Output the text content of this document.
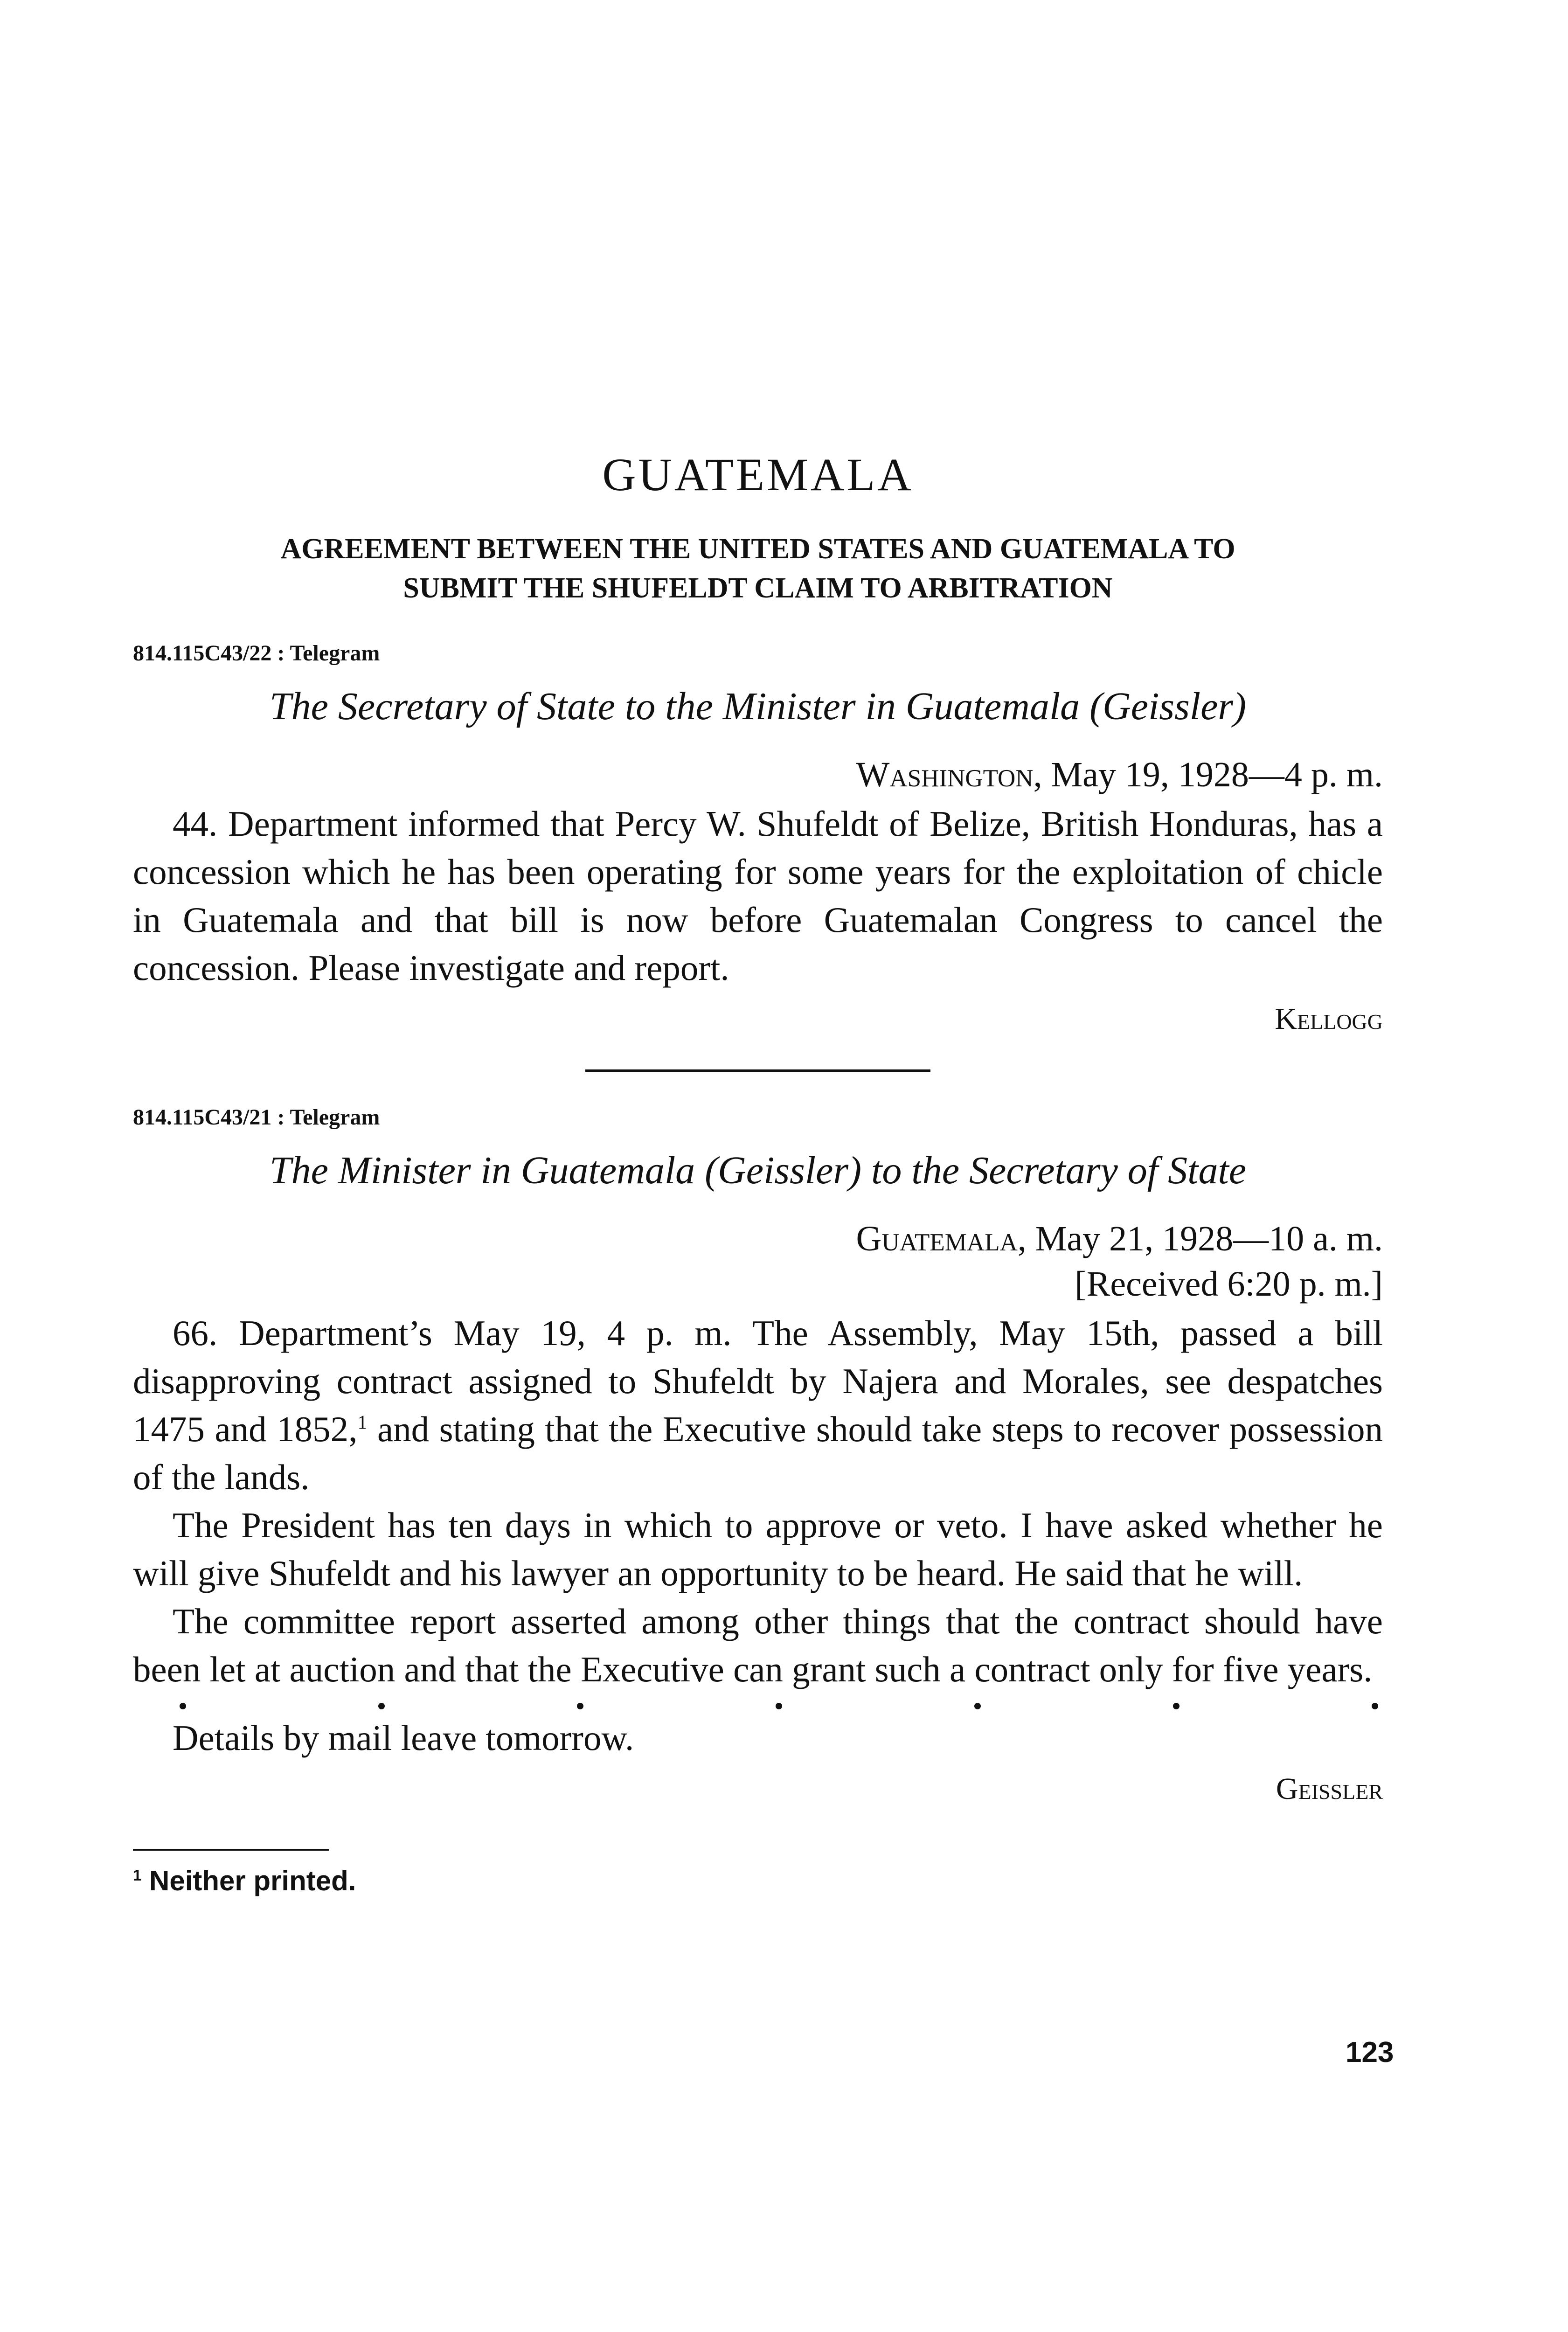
GUATEMALA
AGREEMENT BETWEEN THE UNITED STATES AND GUATEMALA TO
SUBMIT THE SHUFELDT CLAIM TO ARBITRATION
814.115C43/22 : Telegram
The Secretary of State to the Minister in Guatemala (Geissler)
Washington, May 19, 1928—4 p. m.

44. Department informed that Percy W. Shufeldt of Belize, British Honduras, has a concession which he has been operating for some years for the exploitation of chicle in Guatemala and that bill is now before Guatemalan Congress to cancel the concession. Please investigate and report.

Kellogg
814.115C43/21 : Telegram
The Minister in Guatemala (Geissler) to the Secretary of State
Guatemala, May 21, 1928—10 a. m.
[Received 6:20 p. m.]

66. Department’s May 19, 4 p. m. The Assembly, May 15th, passed a bill disapproving contract assigned to Shufeldt by Najera and Morales, see despatches 1475 and 1852,$^1$ and stating that the Executive should take steps to recover possession of the lands.

The President has ten days in which to approve or veto. I have asked whether he will give Shufeldt and his lawyer an opportunity to be heard. He said that he will.

The committee report asserted among other things that the contract should have been let at auction and that the Executive can grant such a contract only for five years.

Details by mail leave tomorrow.

Geissler

$^1$ Neither printed.

123
